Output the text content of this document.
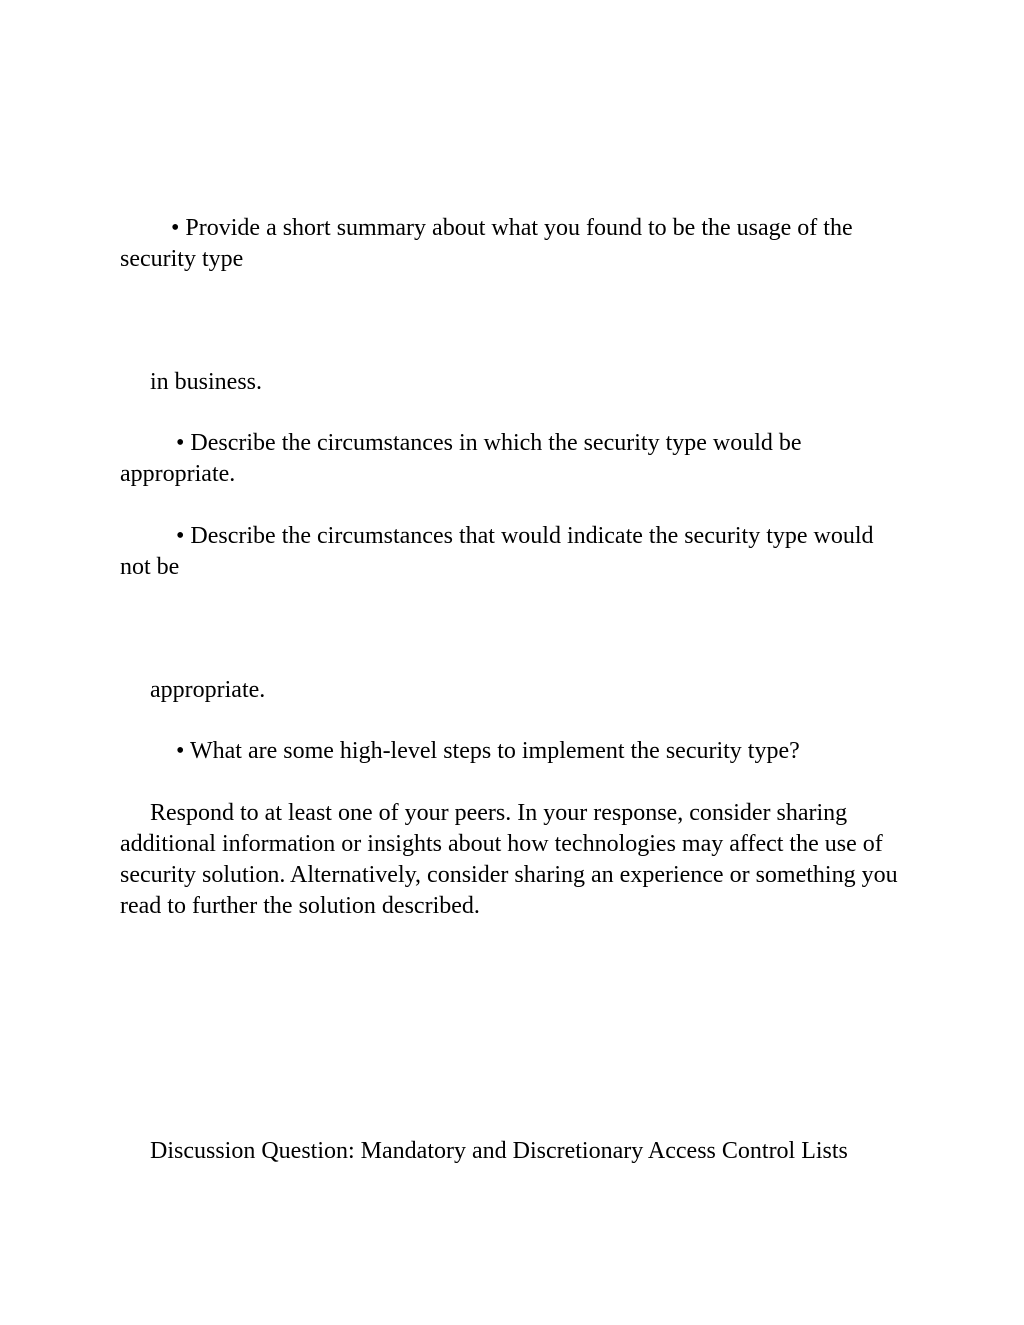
• Provide a short summary about what you found to be the usage of the security type

in business.

• Describe the circumstances in which the security type would be appropriate.

• Describe the circumstances that would indicate the security type would not be

appropriate.

• What are some high-level steps to implement the security type?

Respond to at least one of your peers. In your response, consider sharing additional information or insights about how technologies may affect the use of security solution. Alternatively, consider sharing an experience or something you read to further the solution described.

Discussion Question: Mandatory and Discretionary Access Control Lists
